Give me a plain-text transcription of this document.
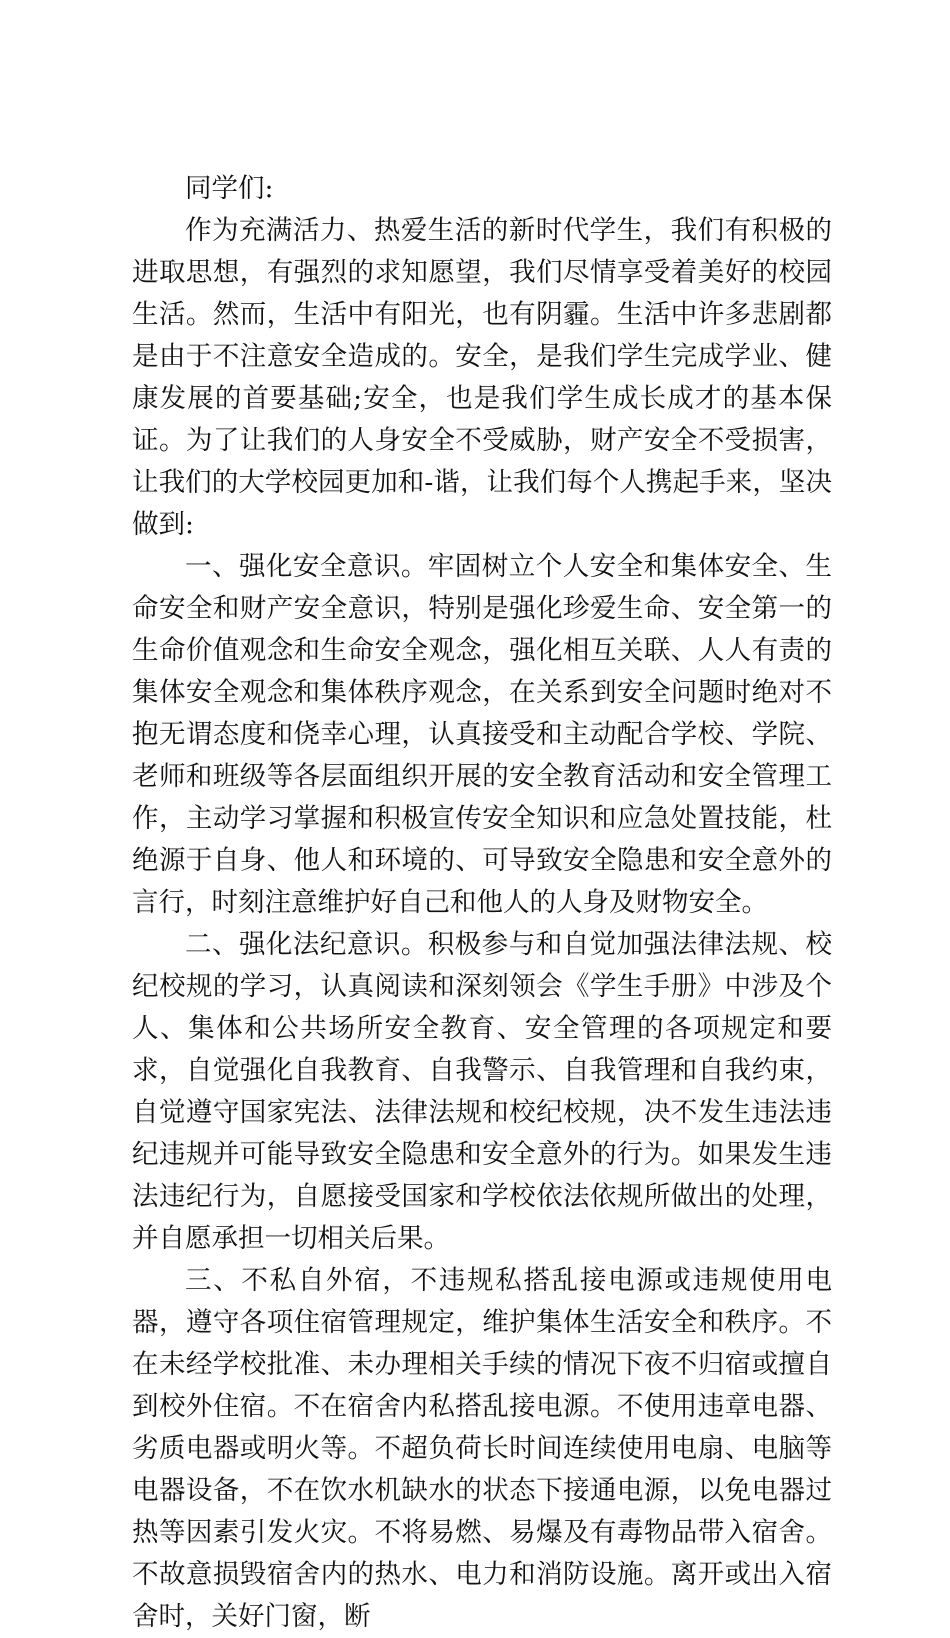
同学们:

作为充满活力、热爱生活的新时代学生，我们有积极的进取思想，有强烈的求知愿望，我们尽情享受着美好的校园生活。然而，生活中有阳光，也有阴霾。生活中许多悲剧都是由于不注意安全造成的。安全，是我们学生完成学业、健康发展的首要基础;安全，也是我们学生成长成才的基本保证。为了让我们的人身安全不受威胁，财产安全不受损害，让我们的大学校园更加和-谐，让我们每个人携起手来，坚决做到:

一、强化安全意识。牢固树立个人安全和集体安全、生命安全和财产安全意识，特别是强化珍爱生命、安全第一的生命价值观念和生命安全观念，强化相互关联、人人有责的集体安全观念和集体秩序观念，在关系到安全问题时绝对不抱无谓态度和侥幸心理，认真接受和主动配合学校、学院、老师和班级等各层面组织开展的安全教育活动和安全管理工作，主动学习掌握和积极宣传安全知识和应急处置技能，杜绝源于自身、他人和环境的、可导致安全隐患和安全意外的言行，时刻注意维护好自己和他人的人身及财物安全。

二、强化法纪意识。积极参与和自觉加强法律法规、校纪校规的学习，认真阅读和深刻领会《学生手册》中涉及个人、集体和公共场所安全教育、安全管理的各项规定和要求，自觉强化自我教育、自我警示、自我管理和自我约束，自觉遵守国家宪法、法律法规和校纪校规，决不发生违法违纪违规并可能导致安全隐患和安全意外的行为。如果发生违法违纪行为，自愿接受国家和学校依法依规所做出的处理，并自愿承担一切相关后果。

三、不私自外宿，不违规私搭乱接电源或违规使用电器，遵守各项住宿管理规定，维护集体生活安全和秩序。不在未经学校批准、未办理相关手续的情况下夜不归宿或擅自到校外住宿。不在宿舍内私搭乱接电源。不使用违章电器、劣质电器或明火等。不超负荷长时间连续使用电扇、电脑等电器设备，不在饮水机缺水的状态下接通电源，以免电器过热等因素引发火灾。不将易燃、易爆及有毒物品带入宿舍。不故意损毁宿舍内的热水、电力和消防设施。离开或出入宿舍时，关好门窗，断
